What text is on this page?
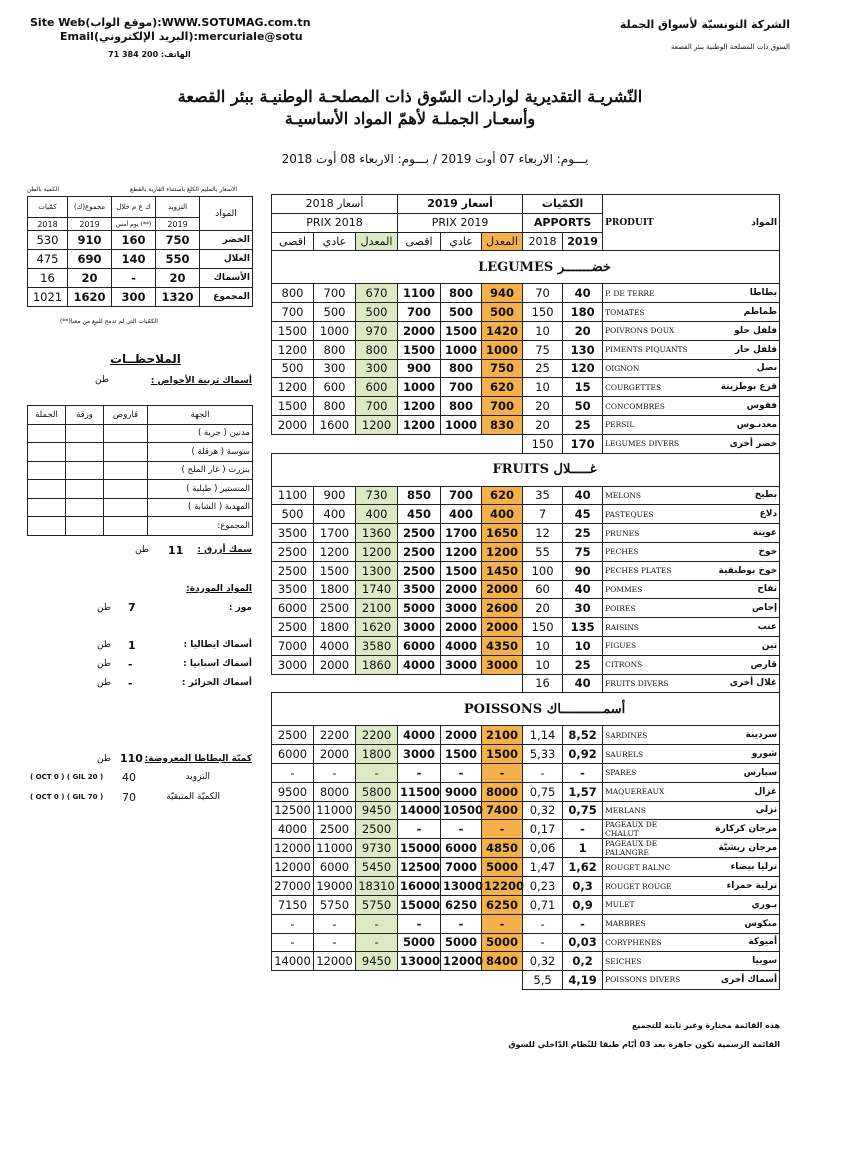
Site Web(موقع الواب):WWW.SOTUMAG.com.tn
Email(البريد الإلكتروني):mercuriale@sotu
الهاتف: 200 384 71
الشركة التونسيّة لأسواق الجملة
السوق ذات المصلحة الوطنية ببئر القصعة
النّشريـة التقديرية لواردات السّوق ذات المصلحـة الوطنيـة ببئر القصعة
وأسعـار الجملـة لأهمّ المواد الأساسيـة
يـــوم: الاربعاء 07 أوت 2019 / بـــوم: الاربعاء 08 أوت 2018
الكمية بالطن	الاسعار بالمليم الكلغ باستثناء القارية بالقطع
كمّيات	مجموع(ك)	ك غ م خلال	التزويد	المواد
2018	2019	يوم أمس (**)	2019	
530	910	160	750	الخضر
475	690	140	550	الغلال
16	20	-	20	الأسماك
1021	1620	300	1320	المجموع
الكمّيات التي لم تدمج للبيع من معنا(**)
الملاحظــات
أسماك تربية الأحواض :
طن
الجملة	ورقة	قاروص	الجهة
			مدنين ( جربة )
			سوسة ( هرقلة )
			بنزرت ( غار الملح )
			المنستير ( طبلبة )
			المهدية ( الشابة )
			المجموع:
سمك أزرق :
11
طن
المواد الموردة:
موز :
7
طن
أسماك ايطاليا :
1
طن
أسماك اسبانيا :
-
طن
أسماك الجزائر :
-
طن
كميّة البطاطا المعروضة:
110
طن
( OCT 0 ) ( GIL 20 ) 40	التزويد
( OCT 0 ) ( GIL 70 ) 70	الكميّة المتبقيّة
أسعار 2018			أسعار 2019			الكمّيات		PRODUIT	المواد
PRIX 2018			PRIX 2019			APPORTS			
اقصى	عادي	المعدل	اقصى	عادي	المعدل	2018	2019		
LEGUMES خضـــــــر									
800	700	670	1100	800	940	70	40	P. DE TERRE	بطاطا
700	500	500	700	500	500	150	180	TOMATES	طماطم
1500	1000	970	2000	1500	1420	10	20	POIVRONS DOUX	فلفل حلو
1200	800	800	1500	1000	1000	75	130	PIMENTS PIQUANTS	فلفل حار
500	300	300	900	800	750	25	120	OIGNON	بصل
1200	600	600	1000	700	620	10	15	COURGETTES	قرع بوطزينة
1500	800	700	1200	800	700	20	50	CONCOMBRES	فقوس
2000	1600	1200	1200	1000	830	20	25	PERSIL	معدنـوس
						150	170	LEGUMES DIVERS	خضر أخرى
FRUITS غـــــلال									
1100	900	730	850	700	620	35	40	MELONS	بطيخ
500	400	400	450	400	400	7	45	PASTEQUES	دلاع
3500	1700	1360	2500	1700	1650	12	25	PRUNES	عوينة
2500	1200	1200	2500	1200	1200	55	75	PECHES	خوخ
2500	1500	1300	2500	1500	1450	100	90	PECHES PLATES	خوخ بوطبقية
3500	1800	1740	3500	2000	2000	60	40	POMMES	تفاح
6000	2500	2100	5000	3000	2600	20	30	POIRES	إجاص
2500	1800	1620	3000	2000	2000	150	135	RAISINS	عنب
7000	4000	3580	6000	4000	4350	10	10	FIGUES	تين
3000	2000	1860	4000	3000	3000	10	25	CITRONS	قارص
						16	40	FRUITS DIVERS	غلال أخرى
POISSONS أسمـــــــــــاك									
2500	2200	2200	4000	2000	2100	1,14	8,52	SARDINES	سردينة
6000	2000	1800	3000	1500	1500	5,33	0,92	SAURELS	شورو
-	-	-	-	-	-	-	-	SPARES	سبارس
9500	8000	5800	11500	9000	8000	0,75	1,57	MAQUEREAUX	غزال
12500	11000	9450	14000	10500	7400	0,32	0,75	MERLANS	نزلي
4000	2500	2500	-	-	-	0,17	-	PAGEAUX DE CHALUT	مرجان كركارة
12000	11000	9730	15000	6000	4850	0,06	1	PAGEAUX DE PALANGRE	مرجان ريشيّة
12000	6000	5450	12500	7000	5000	1,47	1,62	ROUGET BALNC	ترليا بيضاء
27000	19000	18310	16000	13000	12200	0,23	0,3	ROUGET ROUGE	ترلية حمراء
7150	5750	5750	15000	6250	6250	0,71	0,9	MULET	بـوري
-	-	-	-	-	-	-	-	MARBRES	منكوس
-	-	-	5000	5000	5000	-	0,03	CORYPHENES	أميوكة
14000	12000	9450	13000	12000	8400	0,32	0,2	SEICHES	سوبيا
						5,5	4,19	POISSONS DIVERS	أسماك أخرى
هذه القائمة مختارة وغير ثابتة للتجميع
القائمة الرسمية تكون جاهزة بعد 03 أيّام طبقا للنّظام الدّاخلي للسوق
